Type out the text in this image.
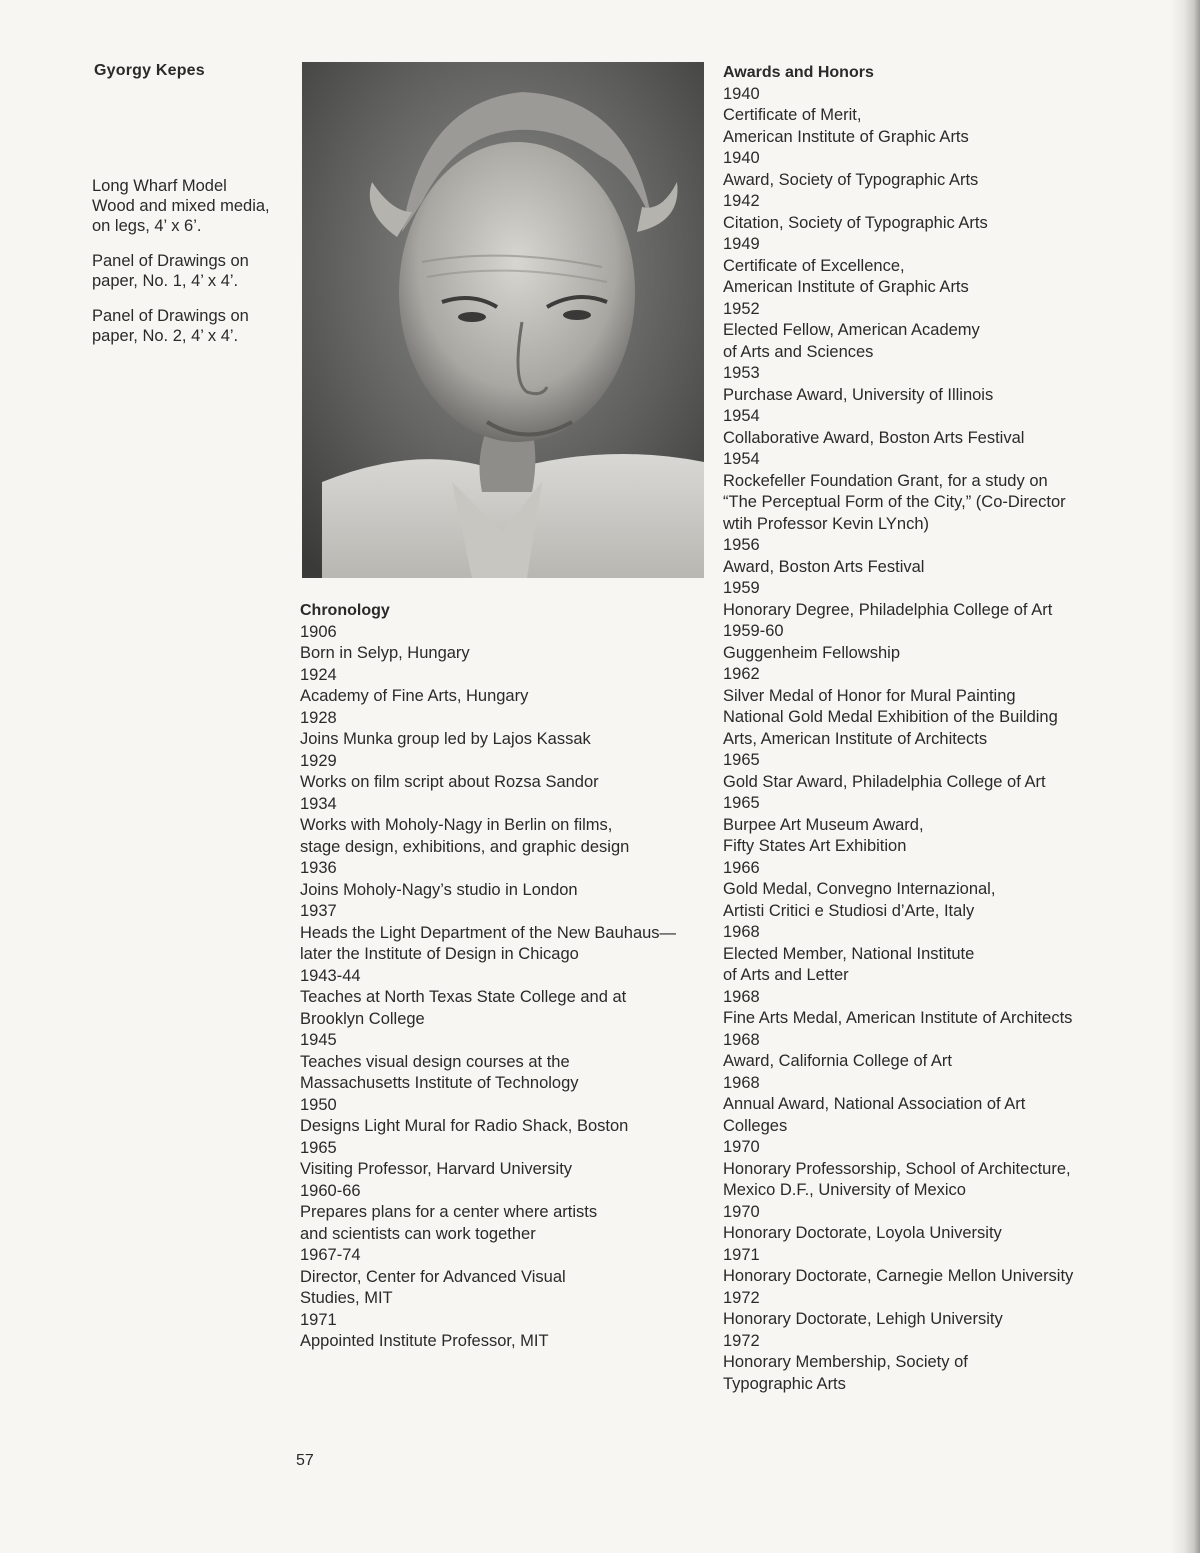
Gyorgy Kepes
Long Wharf Model
Wood and mixed media,
on legs, 4’ x 6’.
Panel of Drawings on
paper, No. 1, 4’ x 4’.
Panel of Drawings on
paper, No. 2, 4’ x 4’.
Chronology
1906
Born in Selyp, Hungary
1924
Academy of Fine Arts, Hungary
1928
Joins Munka group led by Lajos Kassak
1929
Works on film script about Rozsa Sandor
1934
Works with Moholy-Nagy in Berlin on films,
stage design, exhibitions, and graphic design
1936
Joins Moholy-Nagy’s studio in London
1937
Heads the Light Department of the New Bauhaus—
later the Institute of Design in Chicago
1943-44
Teaches at North Texas State College and at
Brooklyn College
1945
Teaches visual design courses at the
Massachusetts Institute of Technology
1950
Designs Light Mural for Radio Shack, Boston
1965
Visiting Professor, Harvard University
1960-66
Prepares plans for a center where artists
and scientists can work together
1967-74
Director, Center for Advanced Visual
Studies, MIT
1971
Appointed Institute Professor, MIT
Awards and Honors
1940
Certificate of Merit,
American Institute of Graphic Arts
1940
Award, Society of Typographic Arts
1942
Citation, Society of Typographic Arts
1949
Certificate of Excellence,
American Institute of Graphic Arts
1952
Elected Fellow, American Academy
of Arts and Sciences
1953
Purchase Award, University of Illinois
1954
Collaborative Award, Boston Arts Festival
1954
Rockefeller Foundation Grant, for a study on
“The Perceptual Form of the City,” (Co-Director
wtih Professor Kevin LYnch)
1956
Award, Boston Arts Festival
1959
Honorary Degree, Philadelphia College of Art
1959-60
Guggenheim Fellowship
1962
Silver Medal of Honor for Mural Painting
National Gold Medal Exhibition of the Building
Arts, American Institute of Architects
1965
Gold Star Award, Philadelphia College of Art
1965
Burpee Art Museum Award,
Fifty States Art Exhibition
1966
Gold Medal, Convegno Internazional,
Artisti Critici e Studiosi d’Arte, Italy
1968
Elected Member, National Institute
of Arts and Letter
1968
Fine Arts Medal, American Institute of Architects
1968
Award, California College of Art
1968
Annual Award, National Association of Art
Colleges
1970
Honorary Professorship, School of Architecture,
Mexico D.F., University of Mexico
1970
Honorary Doctorate, Loyola University
1971
Honorary Doctorate, Carnegie Mellon University
1972
Honorary Doctorate, Lehigh University
1972
Honorary Membership, Society of
Typographic Arts
57
